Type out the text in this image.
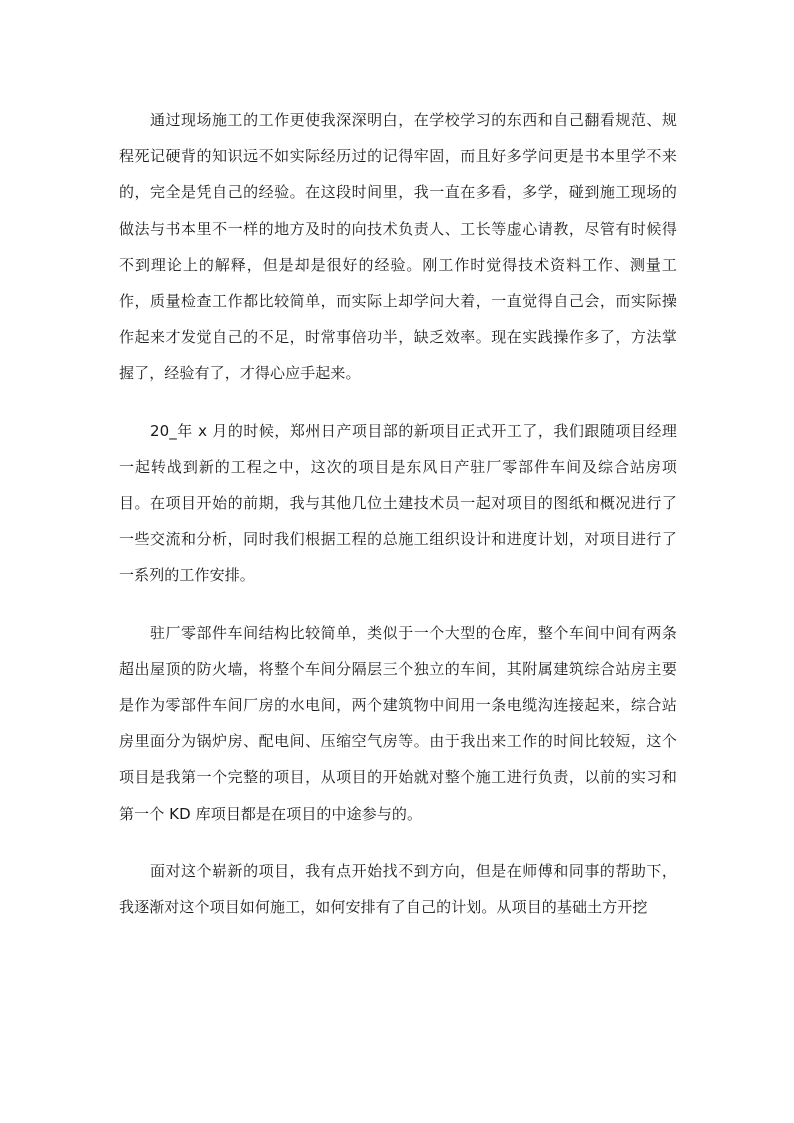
通过现场施工的工作更使我深深明白，在学校学习的东西和自己翻看规范、规程死记硬背的知识远不如实际经历过的记得牢固，而且好多学问更是书本里学不来的，完全是凭自己的经验。在这段时间里，我一直在多看，多学，碰到施工现场的做法与书本里不一样的地方及时的向技术负责人、工长等虚心请教，尽管有时候得不到理论上的解释，但是却是很好的经验。刚工作时觉得技术资料工作、测量工作，质量检查工作都比较简单，而实际上却学问大着，一直觉得自己会，而实际操作起来才发觉自己的不足，时常事倍功半，缺乏效率。现在实践操作多了，方法掌握了，经验有了，才得心应手起来。

20_年 x 月的时候，郑州日产项目部的新项目正式开工了，我们跟随项目经理一起转战到新的工程之中，这次的项目是东风日产驻厂零部件车间及综合站房项目。在项目开始的前期，我与其他几位土建技术员一起对项目的图纸和概况进行了一些交流和分析，同时我们根据工程的总施工组织设计和进度计划，对项目进行了一系列的工作安排。

驻厂零部件车间结构比较简单，类似于一个大型的仓库，整个车间中间有两条超出屋顶的防火墙，将整个车间分隔层三个独立的车间，其附属建筑综合站房主要是作为零部件车间厂房的水电间，两个建筑物中间用一条电缆沟连接起来，综合站房里面分为锅炉房、配电间、压缩空气房等。由于我出来工作的时间比较短，这个项目是我第一个完整的项目，从项目的开始就对整个施工进行负责，以前的实习和第一个 KD 库项目都是在项目的中途参与的。

面对这个崭新的项目，我有点开始找不到方向，但是在师傅和同事的帮助下，我逐渐对这个项目如何施工，如何安排有了自己的计划。从项目的基础土方开挖
